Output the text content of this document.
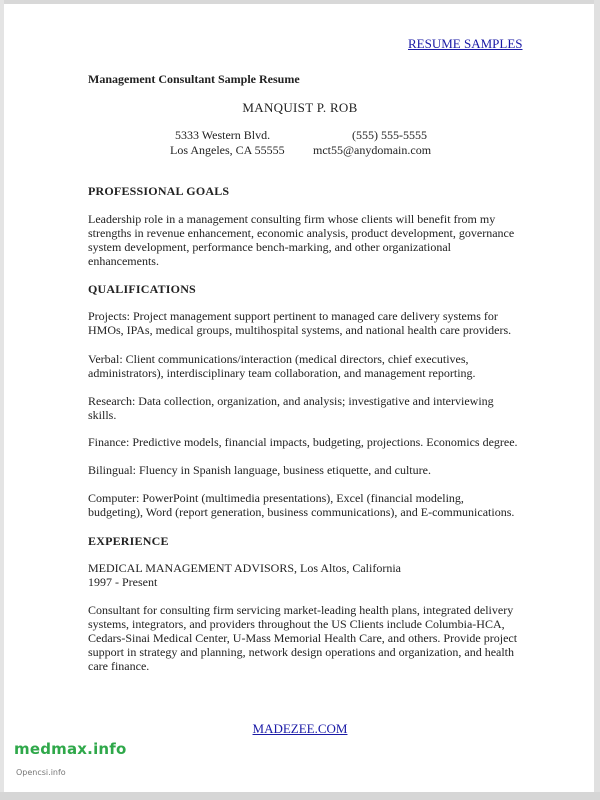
RESUME SAMPLES
Management Consultant Sample Resume
MANQUIST P. ROB
5333 Western Blvd.
Los Angeles, CA 55555
(555) 555-5555
mct55@anydomain.com
PROFESSIONAL GOALS
Leadership role in a management consulting firm whose clients will benefit from my
strengths in revenue enhancement, economic analysis, product development, governance
system development, performance bench-marking, and other organizational
enhancements.
QUALIFICATIONS
Projects: Project management support pertinent to managed care delivery systems for
HMOs, IPAs, medical groups, multihospital systems, and national health care providers.
Verbal: Client communications/interaction (medical directors, chief executives,
administrators), interdisciplinary team collaboration, and management reporting.
Research: Data collection, organization, and analysis; investigative and interviewing
skills.
Finance: Predictive models, financial impacts, budgeting, projections. Economics degree.
Bilingual: Fluency in Spanish language, business etiquette, and culture.
Computer: PowerPoint (multimedia presentations), Excel (financial modeling,
budgeting), Word (report generation, business communications), and E-communications.
EXPERIENCE
MEDICAL MANAGEMENT ADVISORS, Los Altos, California
1997 - Present
Consultant for consulting firm servicing market-leading health plans, integrated delivery
systems, integrators, and providers throughout the US Clients include Columbia-HCA,
Cedars-Sinai Medical Center, U-Mass Memorial Health Care, and others. Provide project
support in strategy and planning, network design operations and organization, and health
care finance.
MADEZEE.COM
medmax.info
Opencsi.info
